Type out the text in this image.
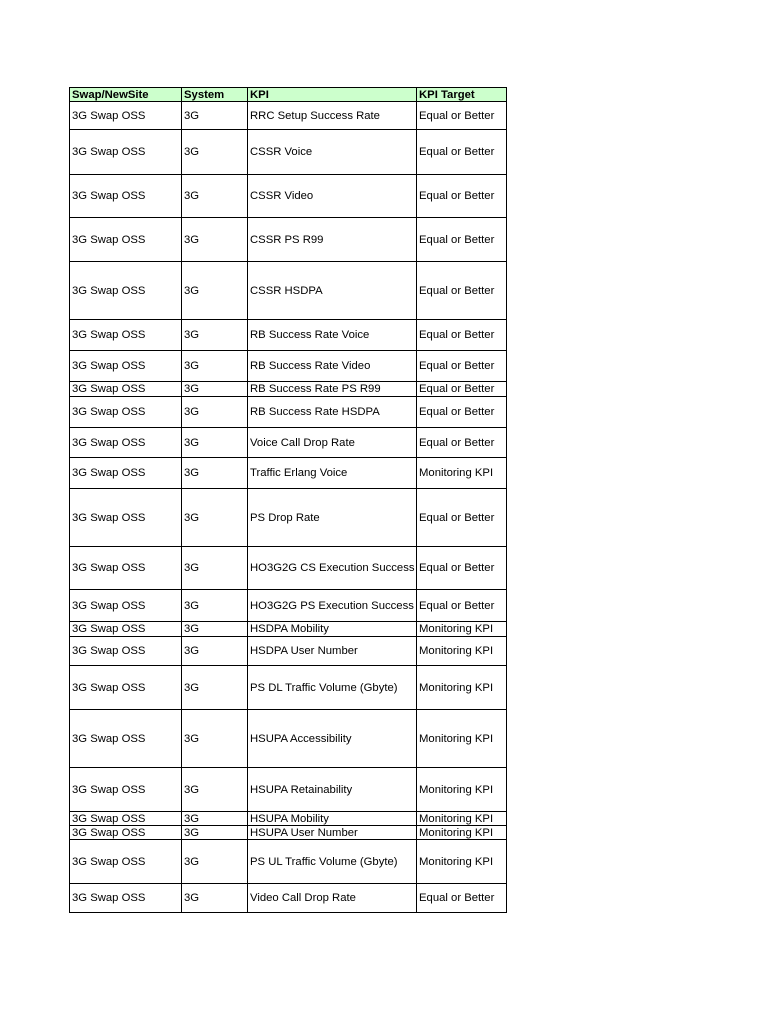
Swap/NewSite	System	KPI	KPI Target
3G Swap OSS	3G	RRC Setup Success Rate	Equal or Better
3G Swap OSS	3G	CSSR Voice	Equal or Better
3G Swap OSS	3G	CSSR Video	Equal or Better
3G Swap OSS	3G	CSSR PS R99	Equal or Better
3G Swap OSS	3G	CSSR HSDPA	Equal or Better
3G Swap OSS	3G	RB Success Rate Voice	Equal or Better
3G Swap OSS	3G	RB Success Rate Video	Equal or Better
3G Swap OSS	3G	RB Success Rate PS R99	Equal or Better
3G Swap OSS	3G	RB Success Rate HSDPA	Equal or Better
3G Swap OSS	3G	Voice Call Drop Rate	Equal or Better
3G Swap OSS	3G	Traffic Erlang Voice	Monitoring KPI
3G Swap OSS	3G	PS Drop Rate	Equal or Better
3G Swap OSS	3G	HO3G2G CS Execution Success	Equal or Better
3G Swap OSS	3G	HO3G2G PS Execution Success	Equal or Better
3G Swap OSS	3G	HSDPA Mobility	Monitoring KPI
3G Swap OSS	3G	HSDPA User Number	Monitoring KPI
3G Swap OSS	3G	PS DL Traffic Volume (Gbyte)	Monitoring KPI
3G Swap OSS	3G	HSUPA Accessibility	Monitoring KPI
3G Swap OSS	3G	HSUPA Retainability	Monitoring KPI
3G Swap OSS	3G	HSUPA Mobility	Monitoring KPI
3G Swap OSS	3G	HSUPA User Number	Monitoring KPI
3G Swap OSS	3G	PS UL Traffic Volume (Gbyte)	Monitoring KPI
3G Swap OSS	3G	Video Call Drop Rate	Equal or Better
